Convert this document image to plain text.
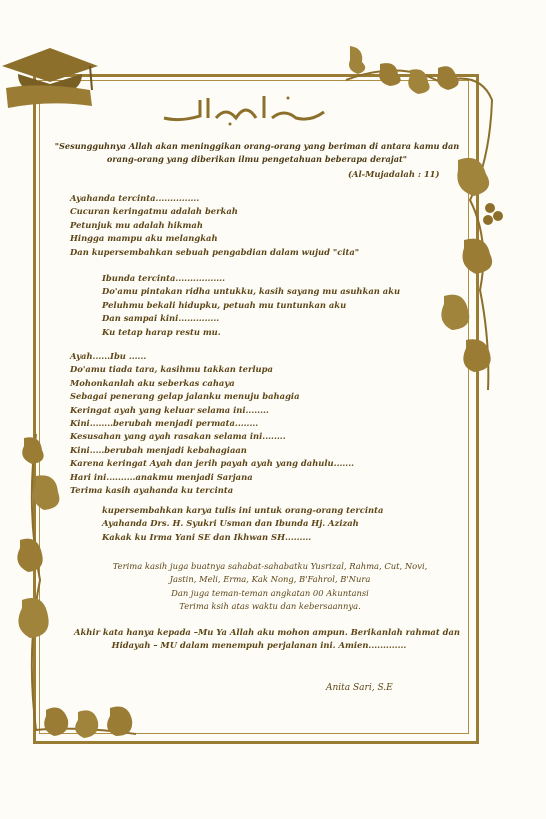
"Sesungguhnya Allah akan meninggikan orang-orang yang beriman di antara kamu dan orang-orang yang diberikan ilmu pengetahuan beberapa derajat"

(Al-Mujadalah : 11)

Ayahanda tercinta...............
Cucuran keringatmu adalah berkah
Petunjuk mu adalah hikmah
Hingga mampu aku melangkah
Dan kupersembahkan sebuah pengabdian dalam wujud "cita"
Ibunda tercinta.................
Do'amu pintakan ridha untukku, kasih sayang mu asuhkan aku
Peluhmu bekali hidupku, petuah mu tuntunkan aku
Dan sampai kini..............
Ku tetap harap restu mu.
Ayah......Ibu ......
Do'amu tiada tara, kasihmu takkan terlupa
Mohonkanlah aku seberkas cahaya
Sebagai penerang gelap jalanku menuju bahagia
Keringat ayah yang keluar selama ini........
Kini........berubah menjadi permata........
Kesusahan yang ayah rasakan selama ini........
Kini.....berubah menjadi kebahagiaan
Karena keringat Ayah dan jerih payah ayah yang dahulu.......
Hari ini..........anakmu menjadi Sarjana
Terima kasih ayahanda ku tercinta
kupersembahkan karya tulis ini untuk orang-orang tercinta
Ayahanda Drs. H. Syukri Usman dan Ibunda Hj. Azizah
Kakak ku Irma Yani SE dan Ikhwan SH.........
Terima kasih juga buatnya sahabat-sahabatku Yusrizal, Rahma, Cut, Novi,
Jastin, Meli, Erma, Kak Nong, B'Fahrol, B'Nura
Dan juga teman-teman angkatan 00 Akuntansi
Terima ksih atas waktu dan kebersaannya.
Akhir kata hanya kepada –Mu Ya Allah aku mohon ampun. Berikanlah rahmat dan
Hidayah – MU dalam menempuh perjalanan ini. Amien.............

Anita Sari, S.E
